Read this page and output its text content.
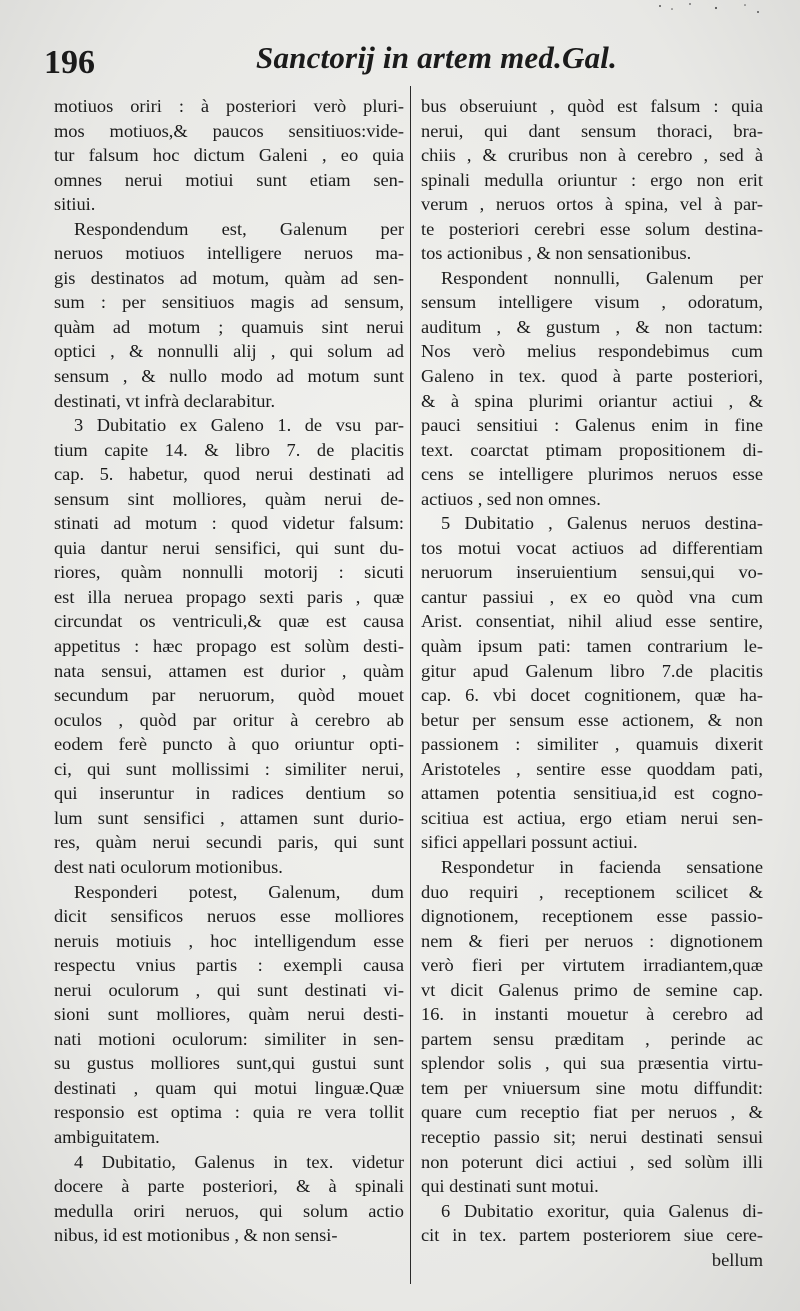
196	Sanctorij in artem med.Gal.
motiuos oriri : à posteriori verò pluri-
mos motiuos,& paucos sensitiuos:vide-
tur falsum hoc dictum Galeni , eo quia
omnes nerui motiui sunt etiam sen-
sitiui.
Respondendum est, Galenum per
neruos motiuos intelligere neruos ma-
gis destinatos ad motum, quàm ad sen-
sum : per sensitiuos magis ad sensum,
quàm ad motum ; quamuis sint nerui
optici , & nonnulli alij , qui solum ad
sensum , & nullo modo ad motum sunt
destinati, vt infrà declarabitur.
3 Dubitatio ex Galeno 1. de vsu par-
tium capite 14. & libro 7. de placitis
cap. 5. habetur, quod nerui destinati ad
sensum sint molliores, quàm nerui de-
stinati ad motum : quod videtur falsum:
quia dantur nerui sensifici, qui sunt du-
riores, quàm nonnulli motorij : sicuti
est illa neruea propago sexti paris , quæ
circundat os ventriculi,& quæ est causa
appetitus : hæc propago est solùm desti-
nata sensui, attamen est durior , quàm
secundum par neruorum, quòd mouet
oculos , quòd par oritur à cerebro ab
eodem ferè puncto à quo oriuntur opti-
ci, qui sunt mollissimi : similiter nerui,
qui inseruntur in radices dentium so
lum sunt sensifici , attamen sunt durio-
res, quàm nerui secundi paris, qui sunt
dest nati oculorum motionibus.
Responderi potest, Galenum, dum
dicit sensificos neruos esse molliores
neruis motiuis , hoc intelligendum esse
respectu vnius partis : exempli causa
nerui oculorum , qui sunt destinati vi-
sioni sunt molliores, quàm nerui desti-
nati motioni oculorum: similiter in sen-
su gustus molliores sunt,qui gustui sunt
destinati , quam qui motui linguæ.Quæ
responsio est optima : quia re vera tollit
ambiguitatem.
4 Dubitatio, Galenus in tex. videtur
docere à parte posteriori, & à spinali
medulla oriri neruos, qui solum actio
nibus, id est motionibus , & non sensi-
bus obseruiunt , quòd est falsum : quia
nerui, qui dant sensum thoraci, bra-
chiis , & cruribus non à cerebro , sed à
spinali medulla oriuntur : ergo non erit
verum , neruos ortos à spina, vel à par-
te posteriori cerebri esse solum destina-
tos actionibus , & non sensationibus.
Respondent nonnulli, Galenum per
sensum intelligere visum , odoratum,
auditum , & gustum , & non tactum:
Nos verò melius respondebimus cum
Galeno in tex. quod à parte posteriori,
& à spina plurimi oriantur actiui , &
pauci sensitiui : Galenus enim in fine
text. coarctat ptimam propositionem di-
cens se intelligere plurimos neruos esse
actiuos , sed non omnes.
5 Dubitatio , Galenus neruos destina-
tos motui vocat actiuos ad differentiam
neruorum inseruientium sensui,qui vo-
cantur passiui , ex eo quòd vna cum
Arist. consentiat, nihil aliud esse sentire,
quàm ipsum pati: tamen contrarium le-
gitur apud Galenum libro 7.de placitis
cap. 6. vbi docet cognitionem, quæ ha-
betur per sensum esse actionem, & non
passionem : similiter , quamuis dixerit
Aristoteles , sentire esse quoddam pati,
attamen potentia sensitiua,id est cogno-
scitiua est actiua, ergo etiam nerui sen-
sifici appellari possunt actiui.
Respondetur in facienda sensatione
duo requiri , receptionem scilicet &
dignotionem, receptionem esse passio-
nem & fieri per neruos : dignotionem
verò fieri per virtutem irradiantem,quæ
vt dicit Galenus primo de semine cap.
16. in instanti mouetur à cerebro ad
partem sensu præditam , perinde ac
splendor solis , qui sua præsentia virtu-
tem per vniuersum sine motu diffundit:
quare cum receptio fiat per neruos , &
receptio passio sit; nerui destinati sensui
non poterunt dici actiui , sed solùm illi
qui destinati sunt motui.
6 Dubitatio exoritur, quia Galenus di-
cit in tex. partem posteriorem siue cere-
bellum
